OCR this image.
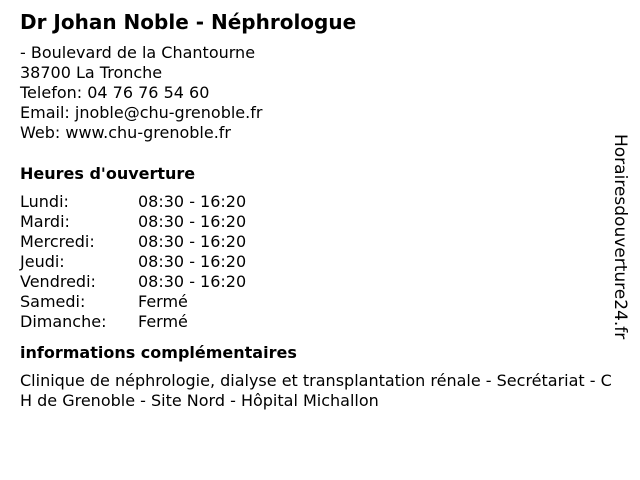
Dr Johan Noble - Néphrologue
- Boulevard de la Chantourne
38700 La Tronche
Telefon: 04 76 76 54 60
Email: jnoble@chu-grenoble.fr
Web: www.chu-grenoble.fr
Heures d'ouverture
Lundi:	08:30 - 16:20
Mardi:	08:30 - 16:20
Mercredi:	08:30 - 16:20
Jeudi:	08:30 - 16:20
Vendredi:	08:30 - 16:20
Samedi:	Fermé
Dimanche:	Fermé
informations complémentaires
Clinique de néphrologie, dialyse et transplantation rénale - Secrétariat - CH de Grenoble - Site Nord - Hôpital Michallon
Horairesdouverture24.fr
